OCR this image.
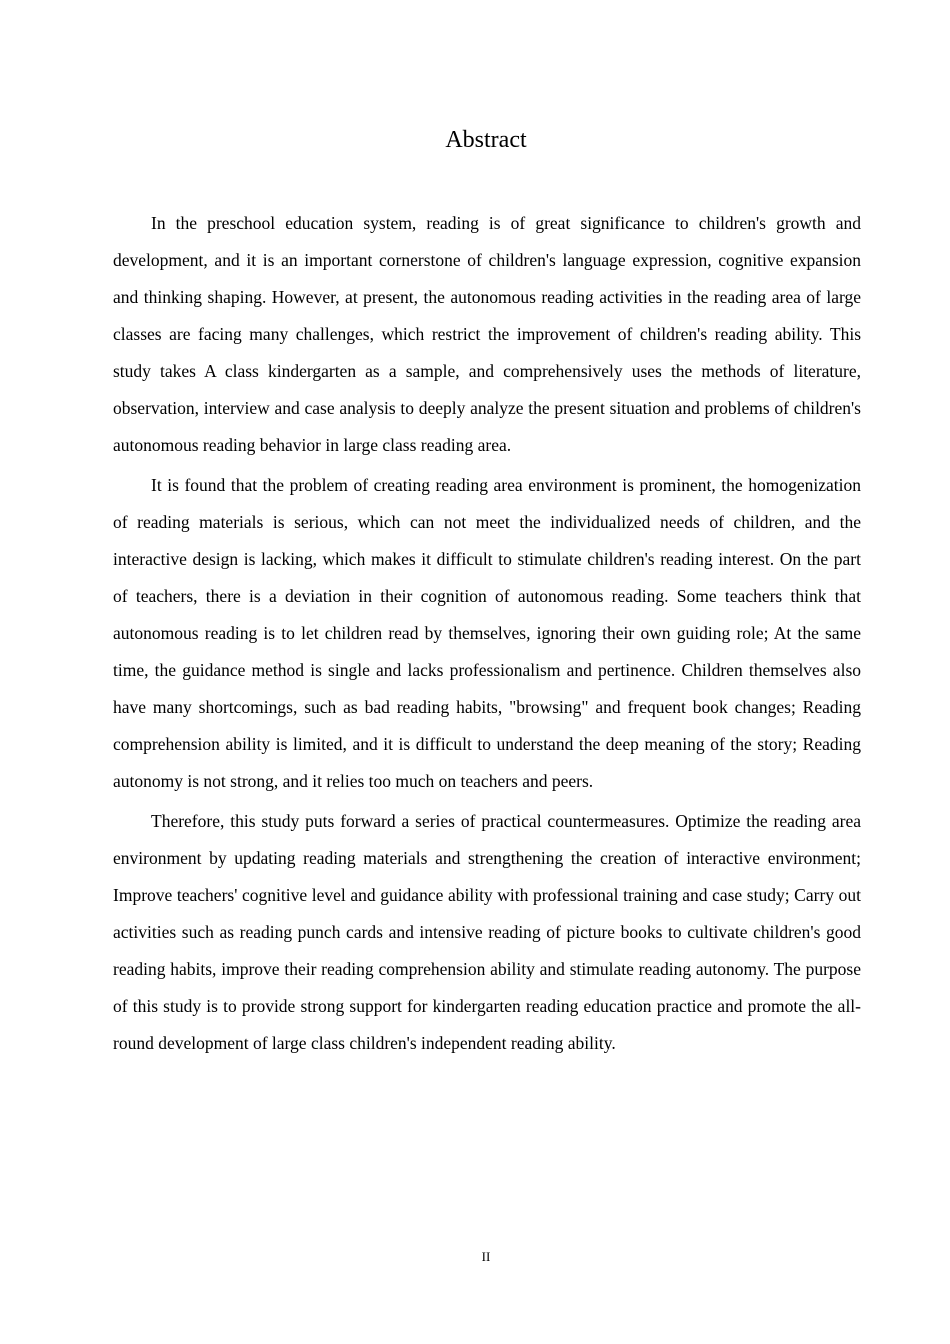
Abstract

In the preschool education system, reading is of great significance to children's growth and development, and it is an important cornerstone of children's language expression, cognitive expansion and thinking shaping. However, at present, the autonomous reading activities in the reading area of large classes are facing many challenges, which restrict the improvement of children's reading ability. This study takes A class kindergarten as a sample, and comprehensively uses the methods of literature, observation, interview and case analysis to deeply analyze the present situation and problems of children's autonomous reading behavior in large class reading area.

It is found that the problem of creating reading area environment is prominent, the homogenization of reading materials is serious, which can not meet the individualized needs of children, and the interactive design is lacking, which makes it difficult to stimulate children's reading interest. On the part of teachers, there is a deviation in their cognition of autonomous reading. Some teachers think that autonomous reading is to let children read by themselves, ignoring their own guiding role; At the same time, the guidance method is single and lacks professionalism and pertinence. Children themselves also have many shortcomings, such as bad reading habits, "browsing" and frequent book changes; Reading comprehension ability is limited, and it is difficult to understand the deep meaning of the story; Reading autonomy is not strong, and it relies too much on teachers and peers.

Therefore, this study puts forward a series of practical countermeasures. Optimize the reading area environment by updating reading materials and strengthening the creation of interactive environment; Improve teachers' cognitive level and guidance ability with professional training and case study; Carry out activities such as reading punch cards and intensive reading of picture books to cultivate children's good reading habits, improve their reading comprehension ability and stimulate reading autonomy. The purpose of this study is to provide strong support for kindergarten reading education practice and promote the all-round development of large class children's independent reading ability.

II
